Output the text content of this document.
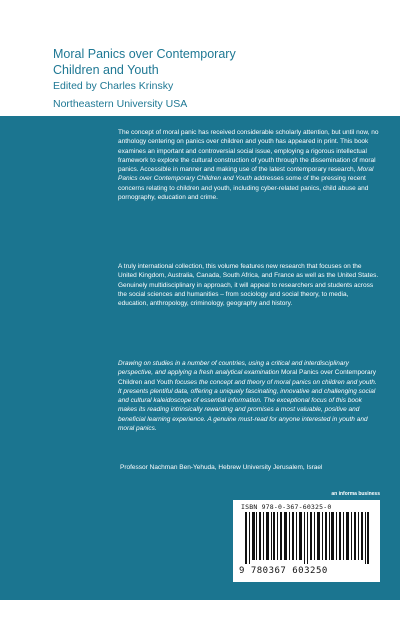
Moral Panics over Contemporary
Children and Youth
Edited by Charles Krinsky
Northeastern University USA

The concept of moral panic has received considerable scholarly attention, but until now, no anthology centering on panics over children and youth has appeared in print. This book examines an important and controversial social issue, employing a rigorous intellectual framework to explore the cultural construction of youth through the dissemination of moral panics. Accessible in manner and making use of the latest contemporary research, Moral Panics over Contemporary Children and Youth addresses some of the pressing recent concerns relating to children and youth, including cyber-related panics, child abuse and pornography, education and crime.

A truly international collection, this volume features new research that focuses on the United Kingdom, Australia, Canada, South Africa, and France as well as the United States. Genuinely multidisciplinary in approach, it will appeal to researchers and students across the social sciences and humanities – from sociology and social theory, to media, education, anthropology, criminology, geography and history.

Drawing on studies in a number of countries, using a critical and interdisciplinary perspective, and applying a fresh analytical examination Moral Panics over Contemporary Children and Youth focuses the concept and theory of moral panics on children and youth. It presents plentiful data, offering a uniquely fascinating, innovative and challenging social and cultural kaleidoscope of essential information. The exceptional focus of this book makes its reading intrinsically rewarding and promises a most valuable, positive and beneficial learning experience. A genuine must-read for anyone interested in youth and moral panics.

Professor Nachman Ben-Yehuda, Hebrew University Jerusalem, Israel
an informa business
ISBN 978-0-367-60325-0
9 780367 603250
Routledge
Taylor & Francis Group
www.routledge.com
